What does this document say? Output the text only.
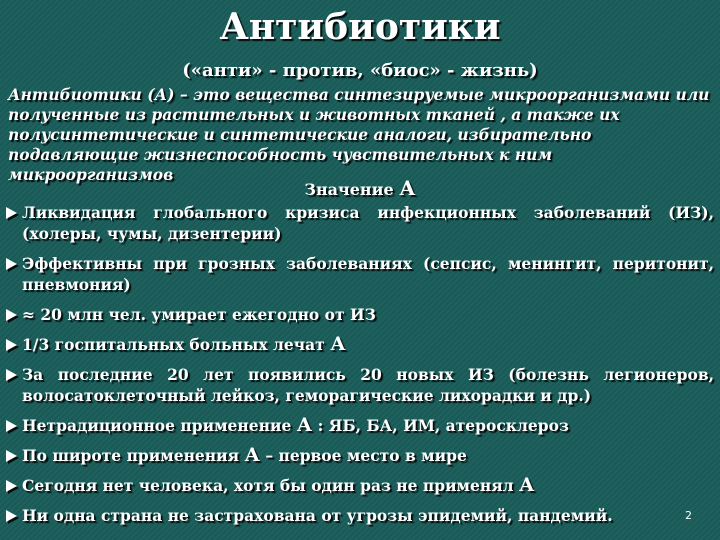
Антибиотики
(«анти» - против, «биос» - жизнь)
Антибиотики (А) – это вещества синтезируемые микроорганизмами или полученные из растительных и животных тканей , а также их полусинтетические и синтетические аналоги, избирательно подавляющие жизнеспособность чувствительных к ним микроорганизмов
Значение А
Ликвидация глобального кризиса инфекционных заболеваний (ИЗ), (холеры, чумы, дизентерии)
Эффективны при грозных заболеваниях (сепсис, менингит, перитонит, пневмония)
≈ 20 млн чел. умирает ежегодно от ИЗ
1/3 госпитальных больных лечат А
За последние 20 лет появились 20 новых ИЗ (болезнь легионеров, волосатоклеточный лейкоз, геморагические лихорадки и др.)
Нетрадиционное применение А : ЯБ, БА, ИМ, атеросклероз
По широте применения А – первое место в мире
Сегодня нет человека, хотя бы один раз не применял А
Ни одна страна не застрахована от угрозы эпидемий, пандемий.	2
